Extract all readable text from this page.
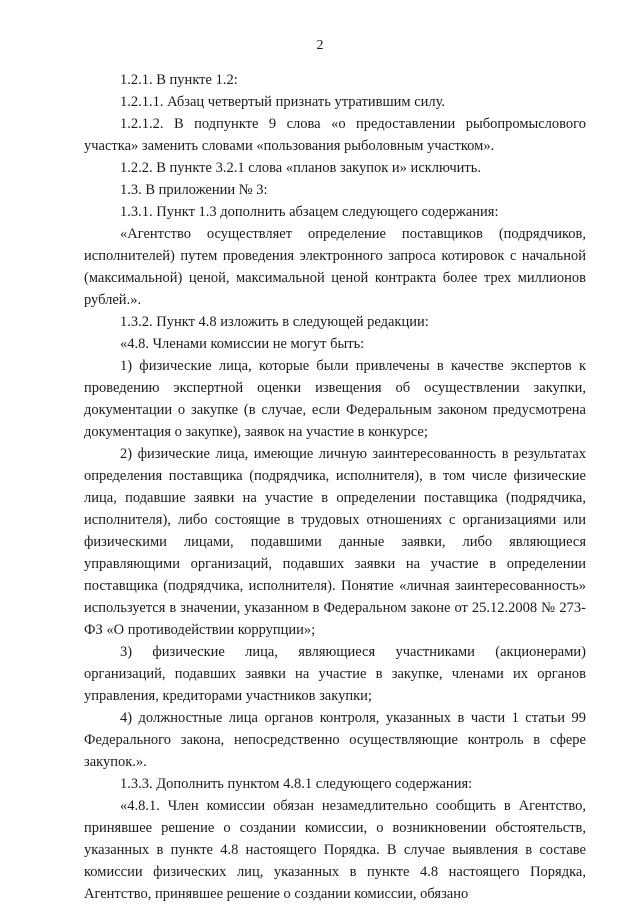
2

1.2.1. В пункте 1.2:

1.2.1.1. Абзац четвертый признать утратившим силу.

1.2.1.2. В подпункте 9 слова «о предоставлении рыбопромыслового участка» заменить словами «пользования рыболовным участком».

1.2.2. В пункте 3.2.1 слова «планов закупок и» исключить.

1.3. В приложении № 3:

1.3.1. Пункт 1.3 дополнить абзацем следующего содержания:

«Агентство осуществляет определение поставщиков (подрядчиков, исполнителей) путем проведения электронного запроса котировок с начальной (максимальной) ценой, максимальной ценой контракта более трех миллионов рублей.».

1.3.2. Пункт 4.8 изложить в следующей редакции:

«4.8. Членами комиссии не могут быть:

1) физические лица, которые были привлечены в качестве экспертов к проведению экспертной оценки извещения об осуществлении закупки, документации о закупке (в случае, если Федеральным законом предусмотрена документация о закупке), заявок на участие в конкурсе;

2) физические лица, имеющие личную заинтересованность в результатах определения поставщика (подрядчика, исполнителя), в том числе физические лица, подавшие заявки на участие в определении поставщика (подрядчика, исполнителя), либо состоящие в трудовых отношениях с организациями или физическими лицами, подавшими данные заявки, либо являющиеся управляющими организаций, подавших заявки на участие в определении поставщика (подрядчика, исполнителя). Понятие «личная заинтересованность» используется в значении, указанном в Федеральном законе от 25.12.2008 № 273-ФЗ «О противодействии коррупции»;

3) физические лица, являющиеся участниками (акционерами) организаций, подавших заявки на участие в закупке, членами их органов управления, кредиторами участников закупки;

4) должностные лица органов контроля, указанных в части 1 статьи 99 Федерального закона, непосредственно осуществляющие контроль в сфере закупок.».

1.3.3. Дополнить пунктом 4.8.1 следующего содержания:

«4.8.1. Член комиссии обязан незамедлительно сообщить в Агентство, принявшее решение о создании комиссии, о возникновении обстоятельств, указанных в пункте 4.8 настоящего Порядка. В случае выявления в составе комиссии физических лиц, указанных в пункте 4.8 настоящего Порядка, Агентство, принявшее решение о создании комиссии, обязано
